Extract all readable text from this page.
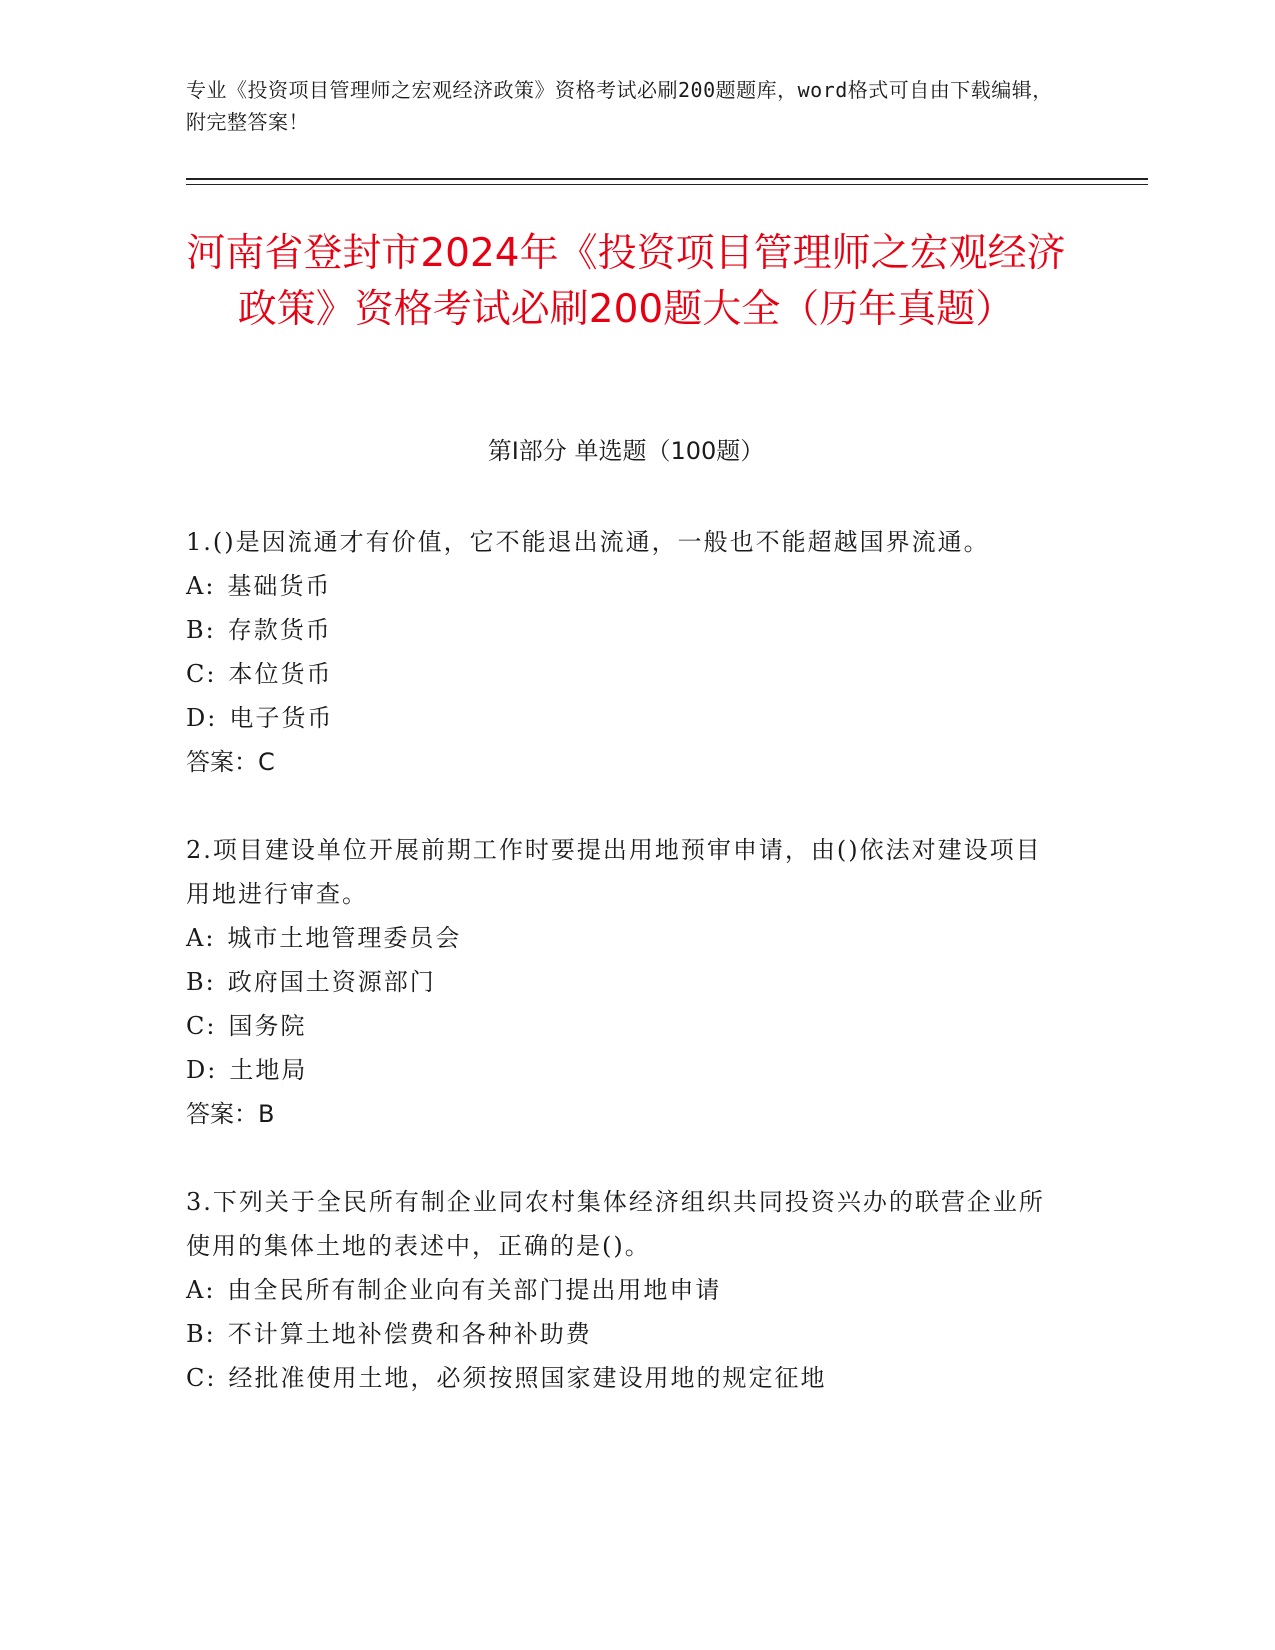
专业《投资项目管理师之宏观经济政策》资格考试必刷200题题库，word格式可自由下载编辑，附完整答案！
河南省登封市2024年《投资项目管理师之宏观经济政策》资格考试必刷200题大全（历年真题）
第Ⅰ部分 单选题（100题）
1.()是因流通才有价值，它不能退出流通，一般也不能超越国界流通。
A: 基础货币
B: 存款货币
C: 本位货币
D: 电子货币
答案：C
2.项目建设单位开展前期工作时要提出用地预审申请，由()依法对建设项目用地进行审查。
A: 城市土地管理委员会
B: 政府国土资源部门
C: 国务院
D: 土地局
答案：B
3.下列关于全民所有制企业同农村集体经济组织共同投资兴办的联营企业所使用的集体土地的表述中，正确的是()。
A: 由全民所有制企业向有关部门提出用地申请
B: 不计算土地补偿费和各种补助费
C: 经批准使用土地，必须按照国家建设用地的规定征地
